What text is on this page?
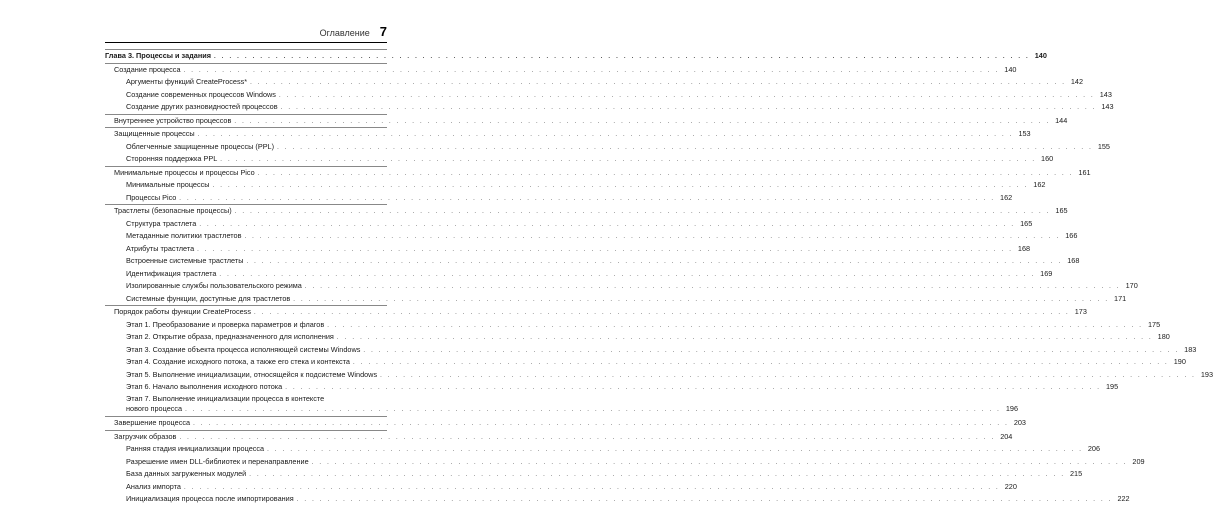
Оглавление 7
Глава 3. Процессы и задания . . .	140
Создание процесса . . .	140
Аргументы функций CreateProcess* . . .	142
Создание современных процессов Windows . . .	143
Создание других разновидностей процессов . . .	143
Внутреннее устройство процессов . . .	144
Защищенные процессы . . .	153
Облегченные защищенные процессы (PPL) . . .	155
Сторонняя поддержка PPL . . .	160
Минимальные процессы и процессы Pico . . .	161
Минимальные процессы . . .	162
Процессы Pico . . .	162
Трастлеты (безопасные процессы) . . .	165
Структура трастлета . . .	165
Метаданные политики трастлетов . . .	166
Атрибуты трастлета . . .	168
Встроенные системные трастлеты . . .	168
Идентификация трастлета . . .	169
Изолированные службы пользовательского режима . . .	170
Системные функции, доступные для трастлетов . . .	171
Порядок работы функции CreateProcess . . .	173
Этап 1. Преобразование и проверка параметров и флагов . . .	175
Этап 2. Открытие образа, предназначенного для исполнения . . .	180
Этап 3. Создание объекта процесса исполняющей системы Windows . . .	183
Этап 4. Создание исходного потока, а также его стека и контекста . . .	190
Этап 5. Выполнение инициализации, относящейся к подсистеме Windows . . .	193
Этап 6. Начало выполнения исходного потока . . .	195
Этап 7. Выполнение инициализации процесса в контексте
нового процесса . . .	196
Завершение процесса . . .	203
Загрузчик образов . . .	204
Ранняя стадия инициализации процесса . . .	206
Разрешение имен DLL-библиотек и перенаправление . . .	209
База данных загруженных модулей . . .	215
Анализ импорта . . .	220
Инициализация процесса после импортирования . . .	222
